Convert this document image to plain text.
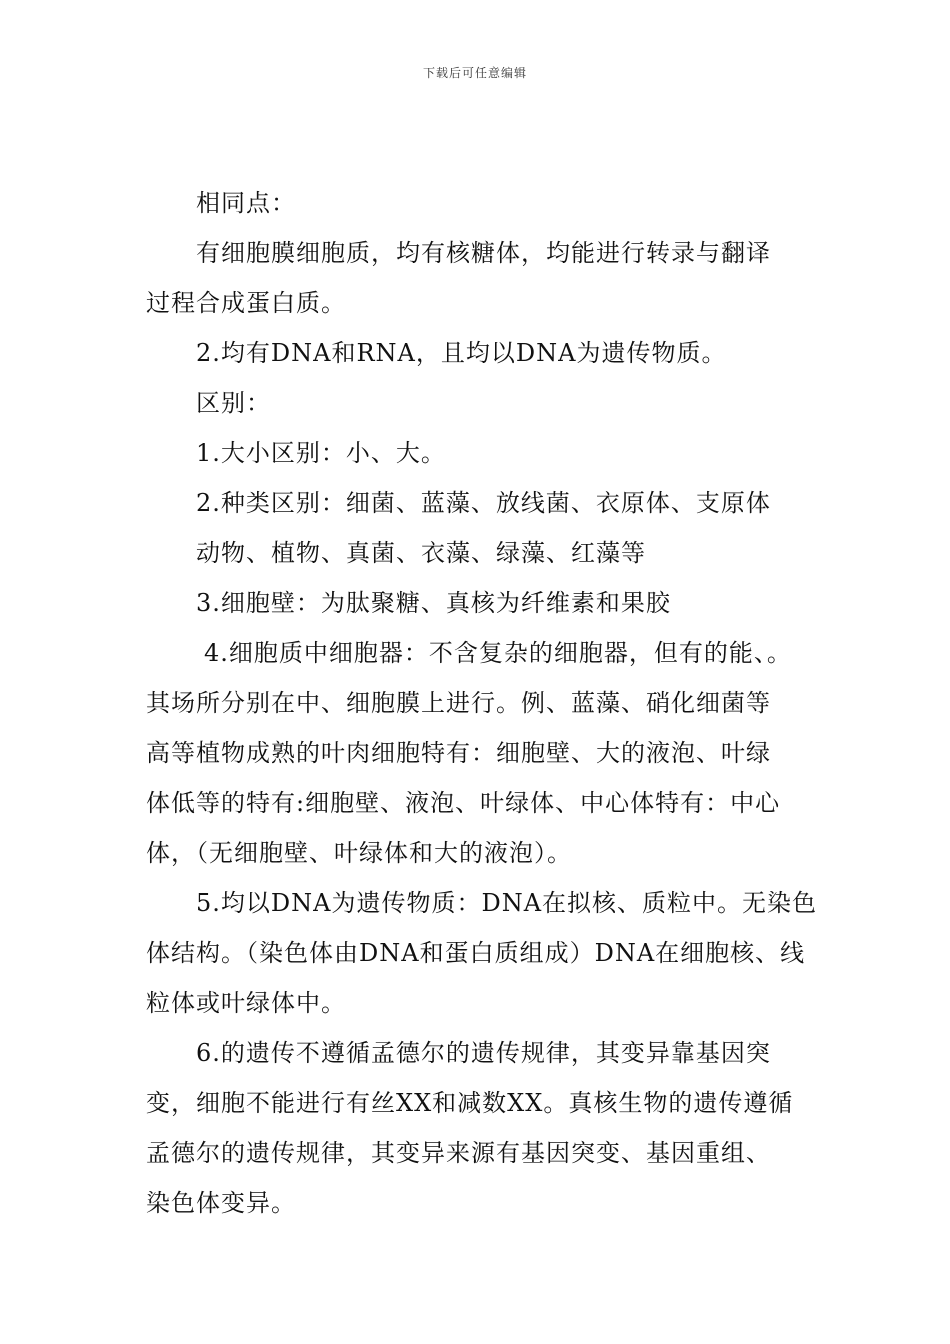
下载后可任意编辑
相同点：
有细胞膜细胞质，均有核糖体，均能进行转录与翻译
过程合成蛋白质。
2.均有DNA和RNA，且均以DNA为遗传物质。
区别：
1.大小区别：小、大。
2.种类区别：细菌、蓝藻、放线菌、衣原体、支原体
动物、植物、真菌、衣藻、绿藻、红藻等
3.细胞壁：为肽聚糖、真核为纤维素和果胶
4.细胞质中细胞器：不含复杂的细胞器，但有的能、。
其场所分别在中、细胞膜上进行。例、蓝藻、硝化细菌等
高等植物成熟的叶肉细胞特有：细胞壁、大的液泡、叶绿
体低等的特有:细胞壁、液泡、叶绿体、中心体特有：中心
体，（无细胞壁、叶绿体和大的液泡）。
5.均以DNA为遗传物质：DNA在拟核、质粒中。无染色
体结构。（染色体由DNA和蛋白质组成）DNA在细胞核、线
粒体或叶绿体中。
6.的遗传不遵循孟德尔的遗传规律，其变异靠基因突
变，细胞不能进行有丝XX和减数XX。真核生物的遗传遵循
孟德尔的遗传规律，其变异来源有基因突变、基因重组、
染色体变异。
